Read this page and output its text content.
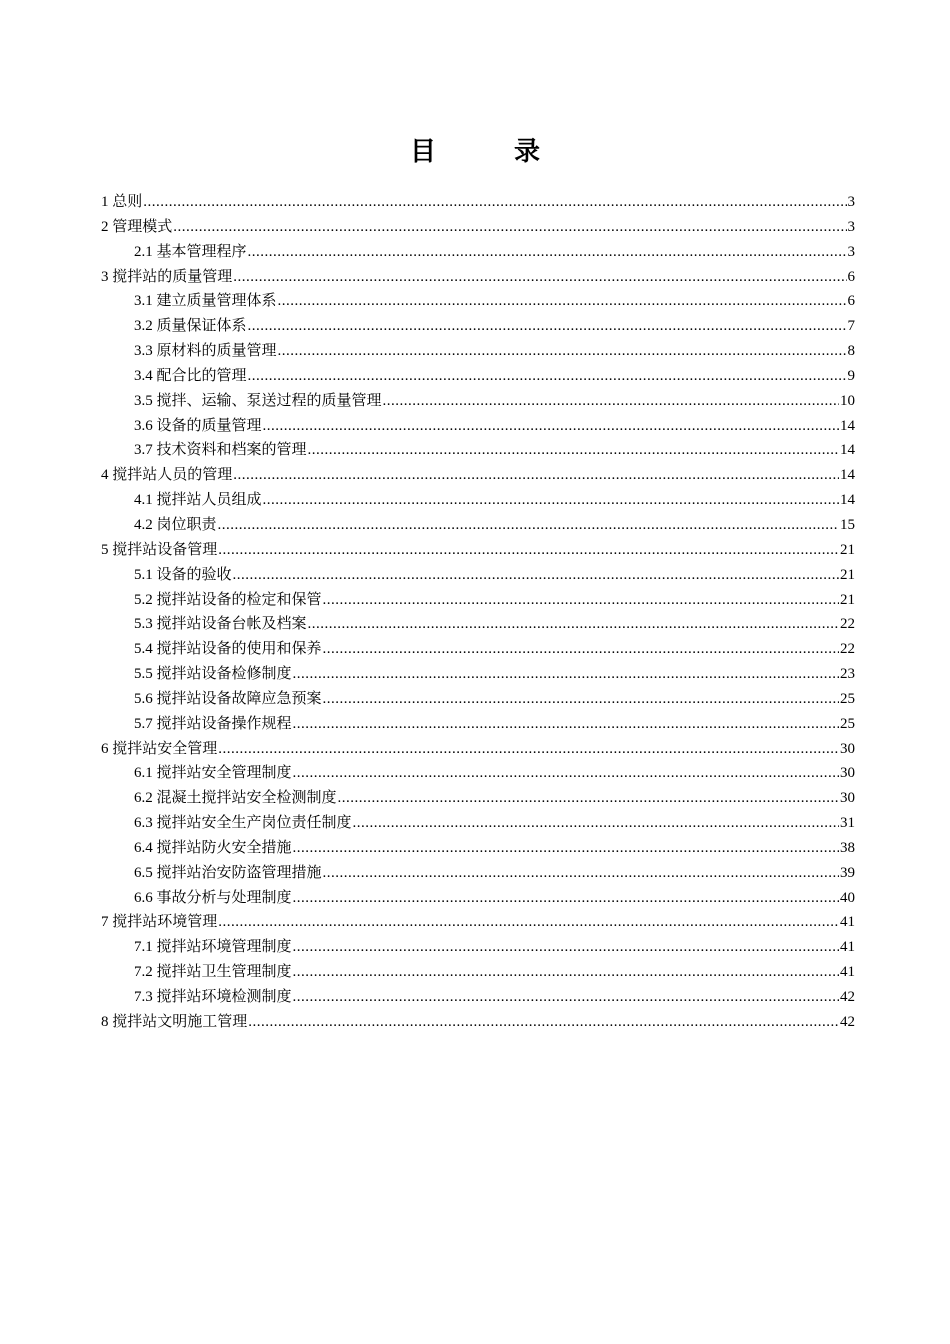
目　录
1 总则 .....	3
2 管理模式 .....	3
2.1 基本管理程序 .....	3
3 搅拌站的质量管理 .....	6
3.1 建立质量管理体系 .....	6
3.2 质量保证体系 .....	7
3.3 原材料的质量管理 .....	8
3.4 配合比的管理 .....	9
3.5 搅拌、运输、泵送过程的质量管理 .....	10
3.6 设备的质量管理 .....	14
3.7 技术资料和档案的管理 .....	14
4 搅拌站人员的管理 .....	14
4.1 搅拌站人员组成 .....	14
4.2 岗位职责 .....	15
5 搅拌站设备管理 .....	21
5.1 设备的验收 .....	21
5.2 搅拌站设备的检定和保管 .....	21
5.3 搅拌站设备台帐及档案 .....	22
5.4 搅拌站设备的使用和保养 .....	22
5.5 搅拌站设备检修制度 .....	23
5.6 搅拌站设备故障应急预案 .....	25
5.7 搅拌站设备操作规程 .....	25
6 搅拌站安全管理 .....	30
6.1 搅拌站安全管理制度 .....	30
6.2 混凝土搅拌站安全检测制度 .....	30
6.3 搅拌站安全生产岗位责任制度 .....	31
6.4 搅拌站防火安全措施 .....	38
6.5 搅拌站治安防盗管理措施 .....	39
6.6 事故分析与处理制度 .....	40
7 搅拌站环境管理 .....	41
7.1 搅拌站环境管理制度 .....	41
7.2 搅拌站卫生管理制度 .....	41
7.3 搅拌站环境检测制度 .....	42
8 搅拌站文明施工管理 .....	42
